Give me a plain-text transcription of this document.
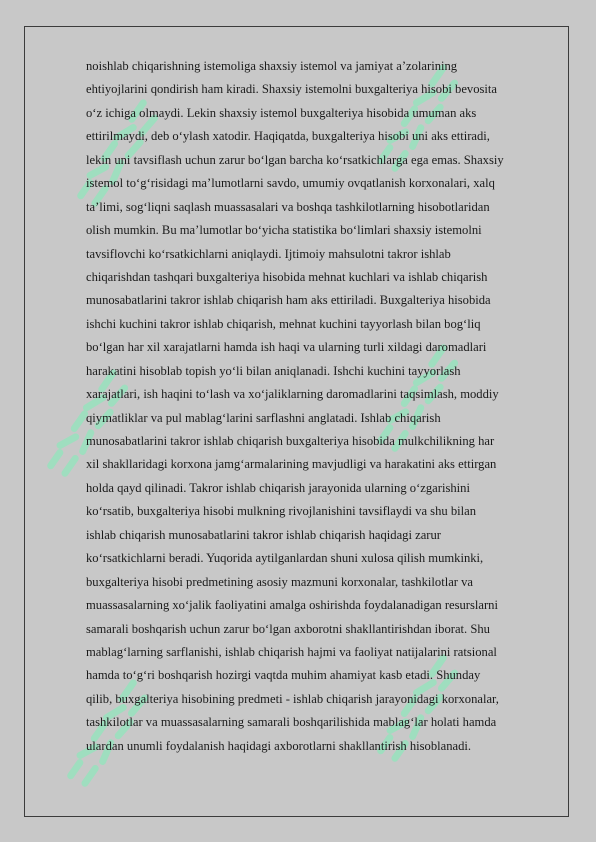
noishlab chiqarishning istemoliga shaxsiy istemol va jamiyat a’zolarining
ehtiyojlarini qondirish ham kiradi. Shaxsiy istemolni buxgalteriya hisobi bevosita
o‘z ichiga olmaydi. Lekin shaxsiy istemol buxgalteriya hisobida umuman aks
ettirilmaydi, deb o‘ylash xatodir. Haqiqatda, buxgalteriya hisobi uni aks ettiradi,
lekin uni tavsiflash uchun zarur bo‘lgan barcha ko‘rsatkichlarga ega emas. Shaxsiy
istemol to‘g‘risidagi ma’lumotlarni savdo, umumiy ovqatlanish korxonalari, xalq
ta’limi, sog‘liqni saqlash muassasalari va boshqa tashkilotlarning hisobotlaridan
olish mumkin. Bu ma’lumotlar bo‘yicha statistika bo‘limlari shaxsiy istemolni
tavsiflovchi ko‘rsatkichlarni aniqlaydi. Ijtimoiy mahsulotni takror ishlab
chiqarishdan tashqari buxgalteriya hisobida mehnat kuchlari va ishlab chiqarish
munosabatlarini takror ishlab chiqarish ham aks ettiriladi. Buxgalteriya hisobida
ishchi kuchini takror ishlab chiqarish, mehnat kuchini tayyorlash bilan bog‘liq
bo‘lgan har xil xarajatlarni hamda ish haqi va ularning turli xildagi daromadlari
harakatini hisoblab topish yo‘li bilan aniqlanadi. Ishchi kuchini tayyorlash
xarajatlari, ish haqini to‘lash va xo‘jaliklarning daromadlarini taqsimlash, moddiy
qiymatliklar va pul mablag‘larini sarflashni anglatadi. Ishlab chiqarish
munosabatlarini takror ishlab chiqarish buxgalteriya hisobida mulkchilikning har
xil shakllaridagi korxona jamg‘armalarining mavjudligi va harakatini aks ettirgan
holda qayd qilinadi. Takror ishlab chiqarish jarayonida ularning o‘zgarishini
ko‘rsatib, buxgalteriya hisobi mulkning rivojlanishini tavsiflaydi va shu bilan
ishlab chiqarish munosabatlarini takror ishlab chiqarish haqidagi zarur
ko‘rsatkichlarni beradi. Yuqorida aytilganlardan shuni xulosa qilish mumkinki,
buxgalteriya hisobi predmetining asosiy mazmuni korxonalar, tashkilotlar va
muassasalarning xo‘jalik faoliyatini amalga oshirishda foydalanadigan resurslarni
samarali boshqarish uchun zarur bo‘lgan axborotni shakllantirishdan iborat. Shu
mablag‘larning sarflanishi, ishlab chiqarish hajmi va faoliyat natijalarini ratsional
hamda to‘g‘ri boshqarish hozirgi vaqtda muhim ahamiyat kasb etadi. Shunday
qilib, buxgalteriya hisobining predmeti - ishlab chiqarish jarayonidagi korxonalar,
tashkilotlar va muassasalarning samarali boshqarilishida mablag‘lar holati hamda
ulardan unumli foydalanish haqidagi axborotlarni shakllantirish hisoblanadi.
